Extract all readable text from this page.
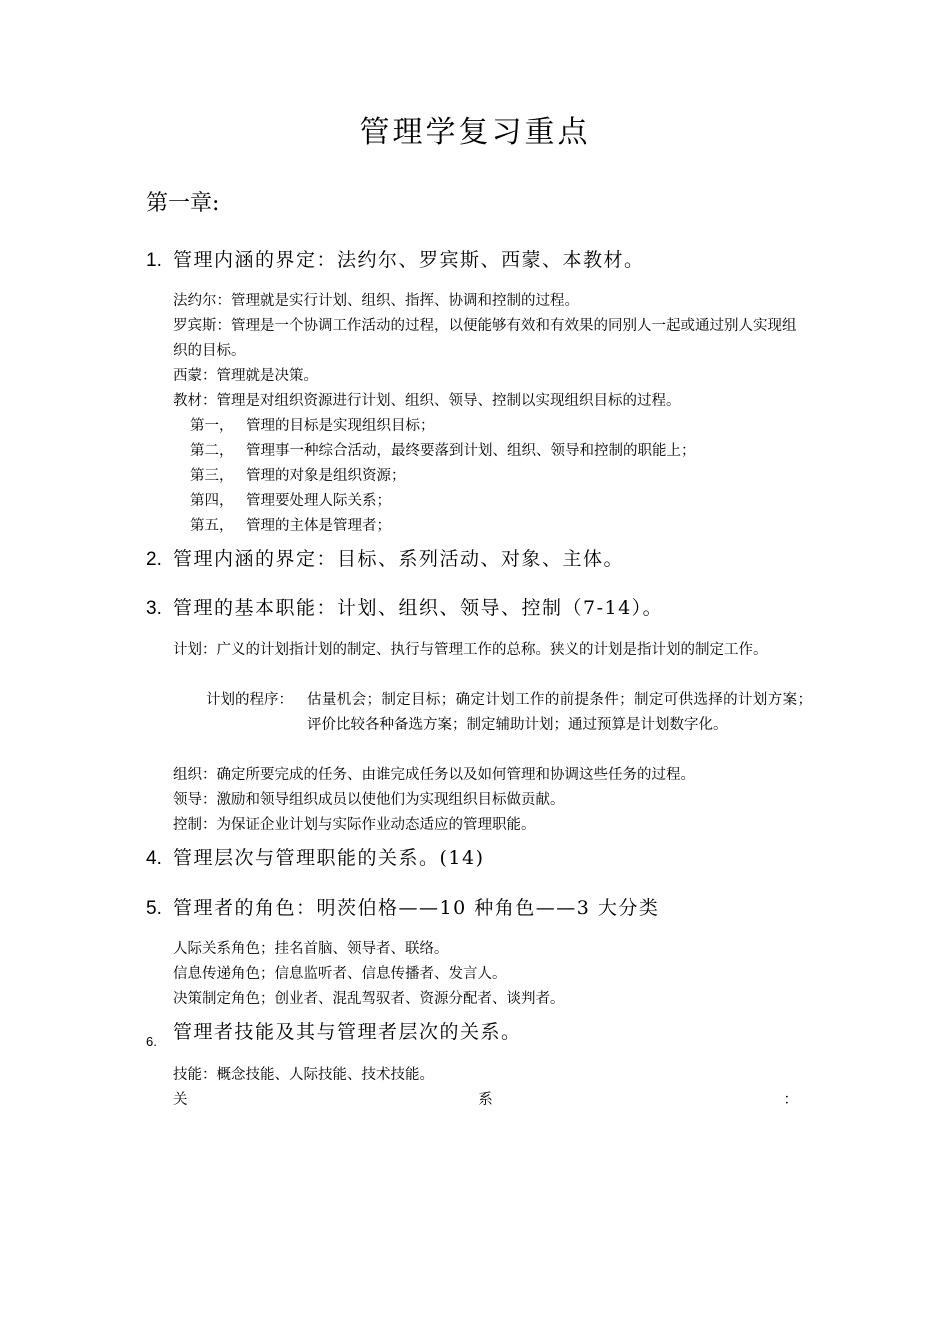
管理学复习重点
第一章:
1. 管理内涵的界定：法约尔、罗宾斯、西蒙、本教材。
法约尔：管理就是实行计划、组织、指挥、协调和控制的过程。
罗宾斯：管理是一个协调工作活动的过程，以便能够有效和有效果的同别人一起或通过别人实现组织的目标。
西蒙：管理就是决策。
教材：管理是对组织资源进行计划、组织、领导、控制以实现组织目标的过程。
第一， 管理的目标是实现组织目标；
第二， 管理事一种综合活动，最终要落到计划、组织、领导和控制的职能上；
第三， 管理的对象是组织资源；
第四， 管理要处理人际关系；
第五， 管理的主体是管理者；
2. 管理内涵的界定：目标、系列活动、对象、主体。
3. 管理的基本职能：计划、组织、领导、控制（7-14）。
计划：广义的计划指计划的制定、执行与管理工作的总称。狭义的计划是指计划的制定工作。
计划的程序： 估量机会；制定目标；确定计划工作的前提条件；制定可供选择的计划方案；评价比较各种备选方案；制定辅助计划；通过预算是计划数字化。
组织：确定所要完成的任务、由谁完成任务以及如何管理和协调这些任务的过程。
领导：激励和领导组织成员以使他们为实现组织目标做贡献。
控制：为保证企业计划与实际作业动态适应的管理职能。
4. 管理层次与管理职能的关系。(14)
5. 管理者的角色：明茨伯格——10 种角色——3 大分类
人际关系角色；挂名首脑、领导者、联络。
信息传递角色；信息监听者、信息传播者、发言人。
决策制定角色；创业者、混乱驾驭者、资源分配者、谈判者。
6. 管理者技能及其与管理者层次的关系。
技能：概念技能、人际技能、技术技能。
关	系	：
